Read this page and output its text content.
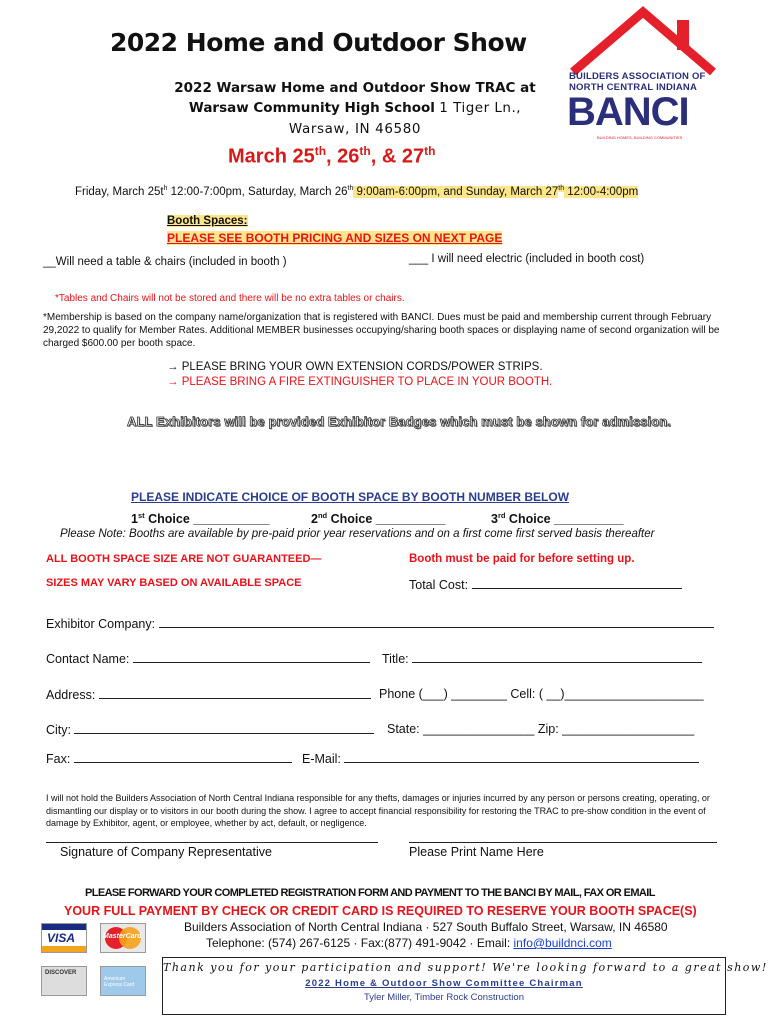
2022 Home and Outdoor Show
2022 Warsaw Home and Outdoor Show TRAC at
Warsaw Community High School 1 Tiger Ln.,
Warsaw, IN 46580
March 25th, 26th, & 27th
BUILDERS ASSOCIATION OF
NORTH CENTRAL INDIANA
BANCI
BUILDING HOMES, BUILDING COMMUNITIES
Friday, March $25t^h$ 12:00-7:00pm, Saturday, March 26th 9:00am-6:00pm, and Sunday, March 27th 12:00-4:00pm
Booth Spaces:
PLEASE SEE BOOTH PRICING AND SIZES ON NEXT PAGE
__Will need a table & chairs (included in booth )	___ I will need electric (included in booth cost)
*Tables and Chairs will not be stored and there will be no extra tables or chairs.
*Membership is based on the company name/organization that is registered with BANCI. Dues must be paid and membership current through February 29,2022 to qualify for Member Rates. Additional MEMBER businesses occupying/sharing booth spaces or displaying name of second organization will be charged $600.00 per booth space.
→ PLEASE BRING YOUR OWN EXTENSION CORDS/POWER STRIPS.
→ PLEASE BRING A FIRE EXTINGUISHER TO PLACE IN YOUR BOOTH.
ALL Exhibitors will be provided Exhibitor Badges which must be shown for admission.
PLEASE INDICATE CHOICE OF BOOTH SPACE BY BOOTH NUMBER BELOW
1st Choice ___________	2nd Choice __________	3rd Choice __________
Please Note: Booths are available by pre-paid prior year reservations and on a first come first served basis thereafter
ALL BOOTH SPACE SIZE ARE NOT GUARANTEED—
SIZES MAY VARY BASED ON AVAILABLE SPACE
Booth must be paid for before setting up.
Total Cost:
Exhibitor Company:
Contact Name:	Title:
Address:	Phone (___) ________ Cell: ( __)____________________
City:	State: ________________ Zip: ___________________
Fax:	E-Mail:
I will not hold the Builders Association of North Central Indiana responsible for any thefts, damages or injuries incurred by any person or persons creating, operating, or dismantling our display or to visitors in our booth during the show. I agree to accept financial responsibility for restoring the TRAC to pre-show condition in the event of damage by Exhibitor, agent, or employee, whether by act, default, or negligence.
Signature of Company Representative	Please Print Name Here
PLEASE FORWARD YOUR COMPLETED REGISTRATION FORM AND PAYMENT TO THE BANCI BY MAIL, FAX OR EMAIL
YOUR FULL PAYMENT BY CHECK OR CREDIT CARD IS REQUIRED TO RESERVE YOUR BOOTH SPACE(S)
Builders Association of North Central Indiana · 527 South Buffalo Street, Warsaw, IN 46580
Telephone: (574) 267-6125 · Fax:(877) 491-9042 · Email: info@buildnci.com
VISA	MasterCard
DISCOVER
American Express Card
Thank you for your participation and support! We're looking forward to a great show!
2022 Home & Outdoor Show Committee Chairman
Tyler Miller, Timber Rock Construction
